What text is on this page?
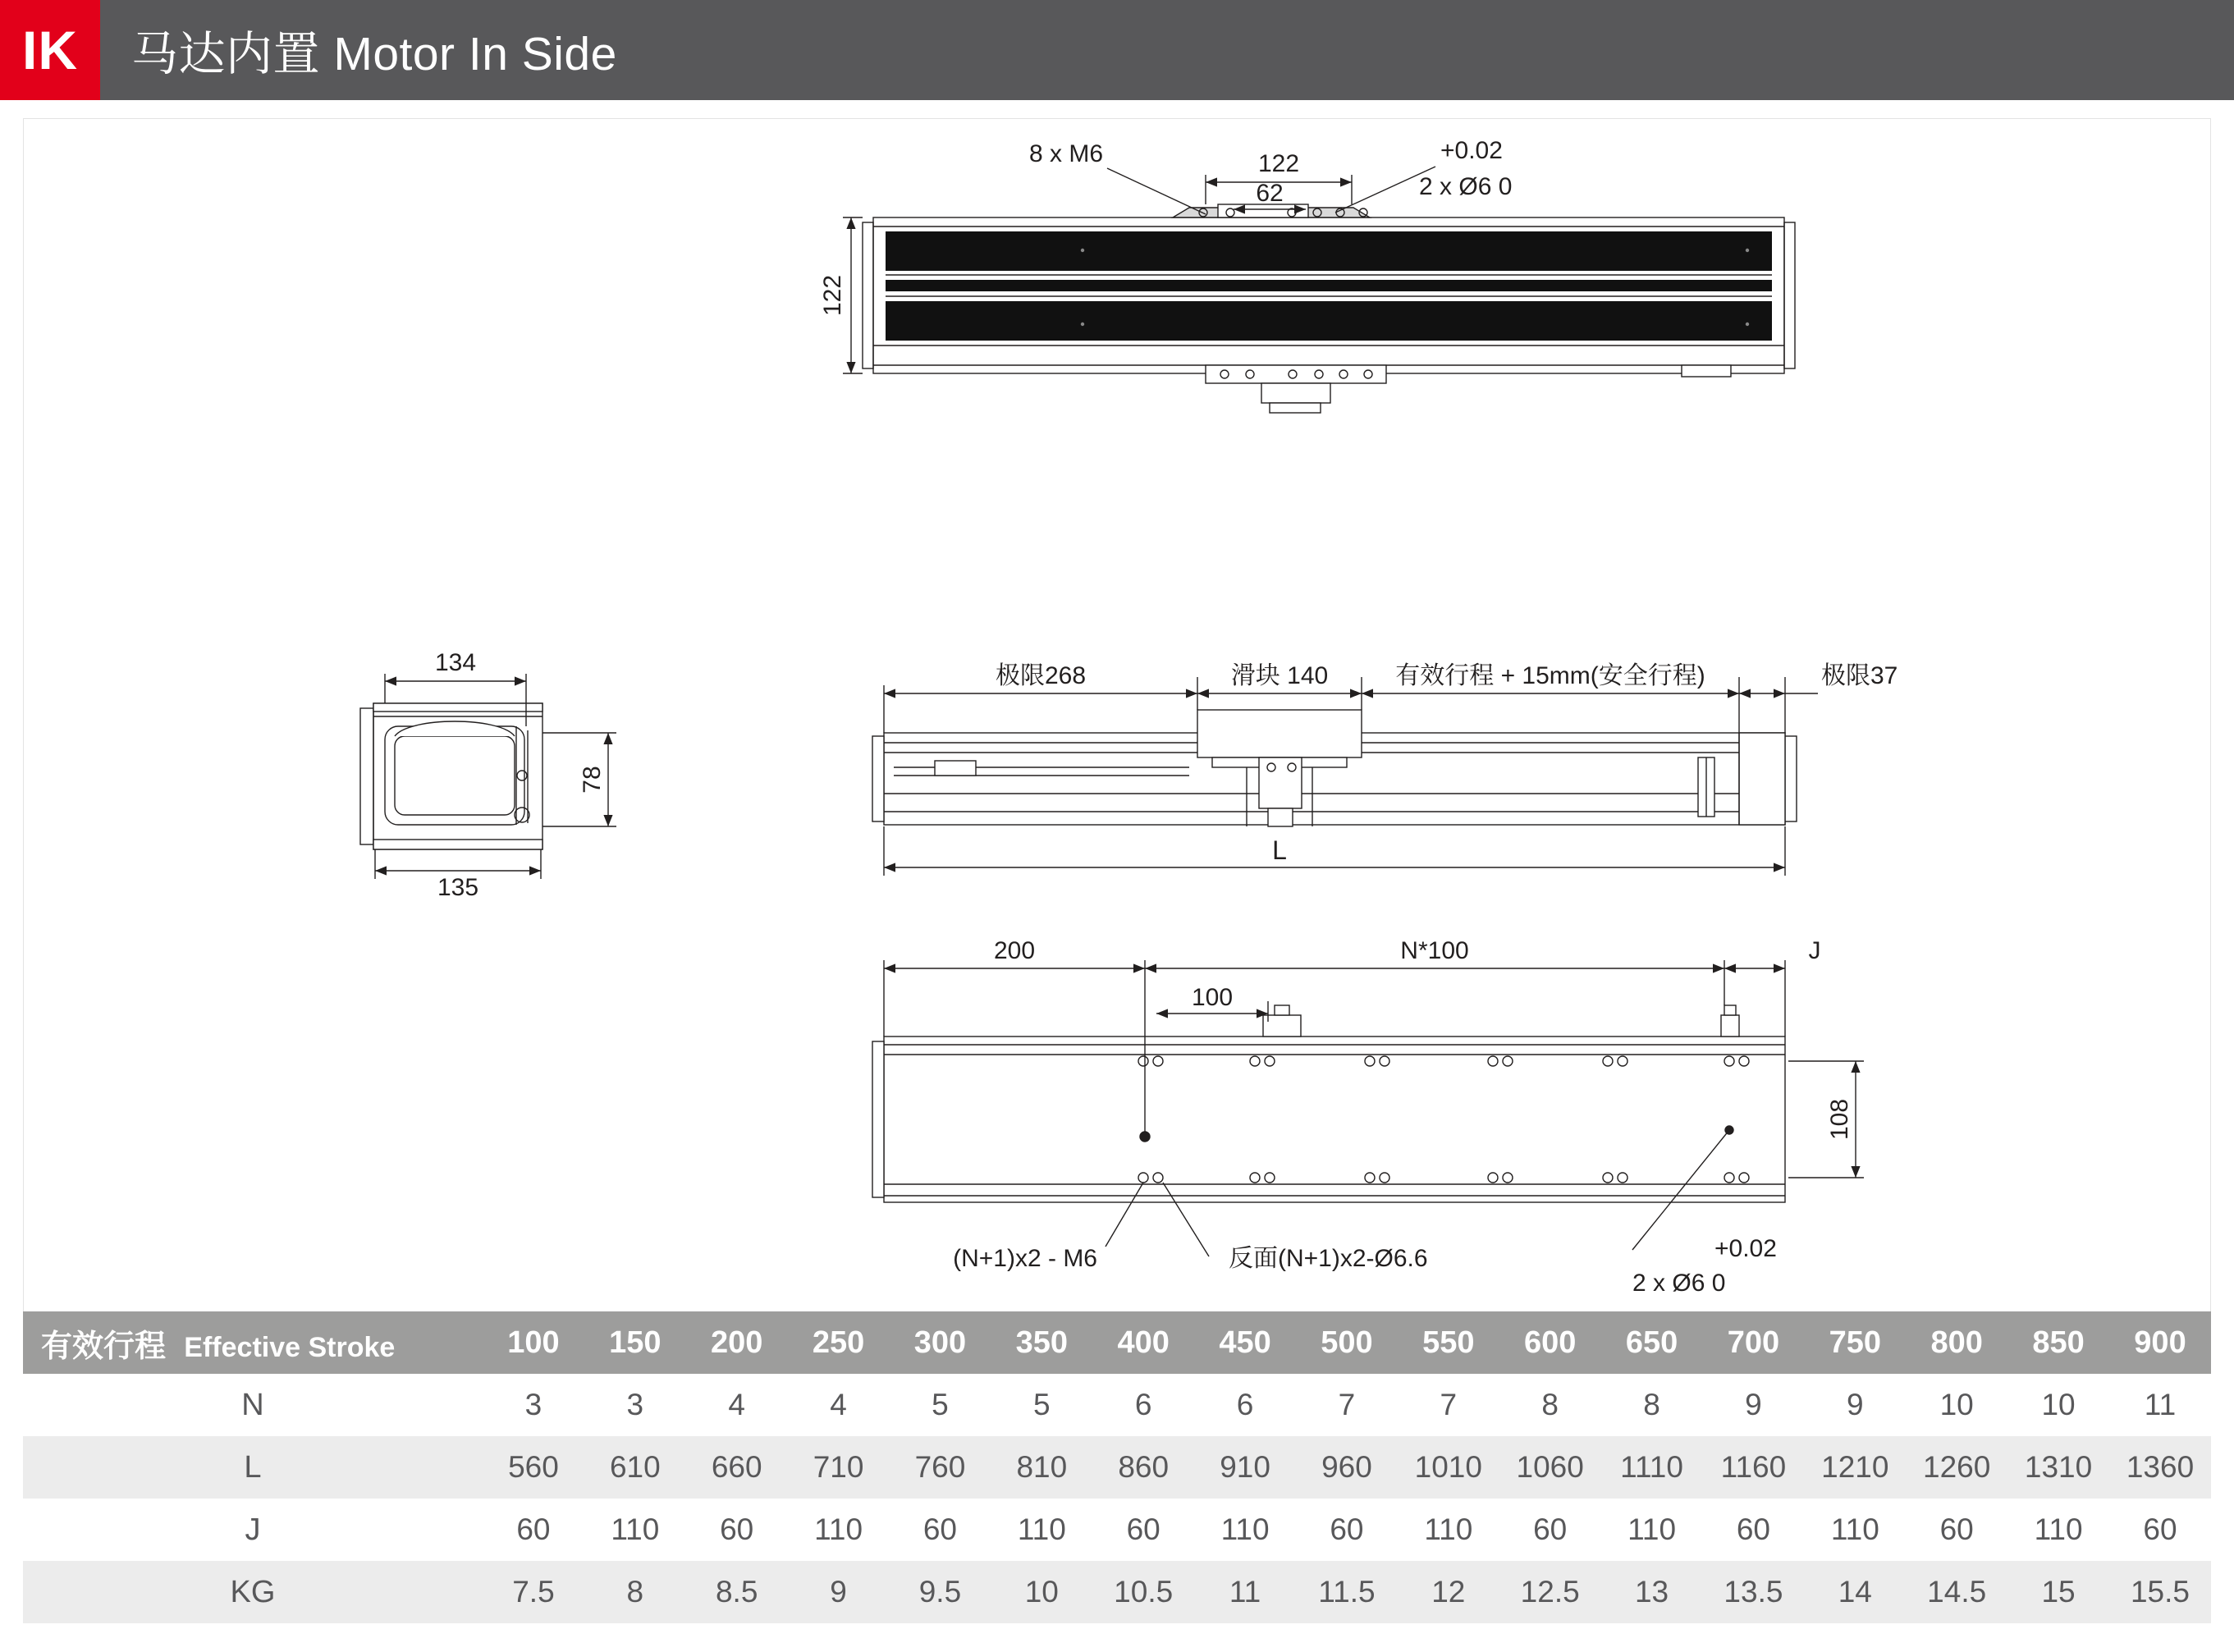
IK	马达内置 Motor In Side
122
122
62
8 x M6	+0.02
2 x Ø6 0
134
135
78
极限268	滑块 140	有效行程 + 15mm(安全行程)	极限37
L
200	N*100	J
100
108
(N+1)x2 - M6	反面(N+1)x2-Ø6.6	+0.02
2 x Ø6 0
有效行程 Effective Stroke	100	150	200	250	300	350	400	450	500	550	600	650	700	750	800	850	900
N	3	3	4	4	5	5	6	6	7	7	8	8	9	9	10	10	11
L	560	610	660	710	760	810	860	910	960	1010	1060	1110	1160	1210	1260	1310	1360
J	60	110	60	110	60	110	60	110	60	110	60	110	60	110	60	110	60
KG	7.5	8	8.5	9	9.5	10	10.5	11	11.5	12	12.5	13	13.5	14	14.5	15	15.5
